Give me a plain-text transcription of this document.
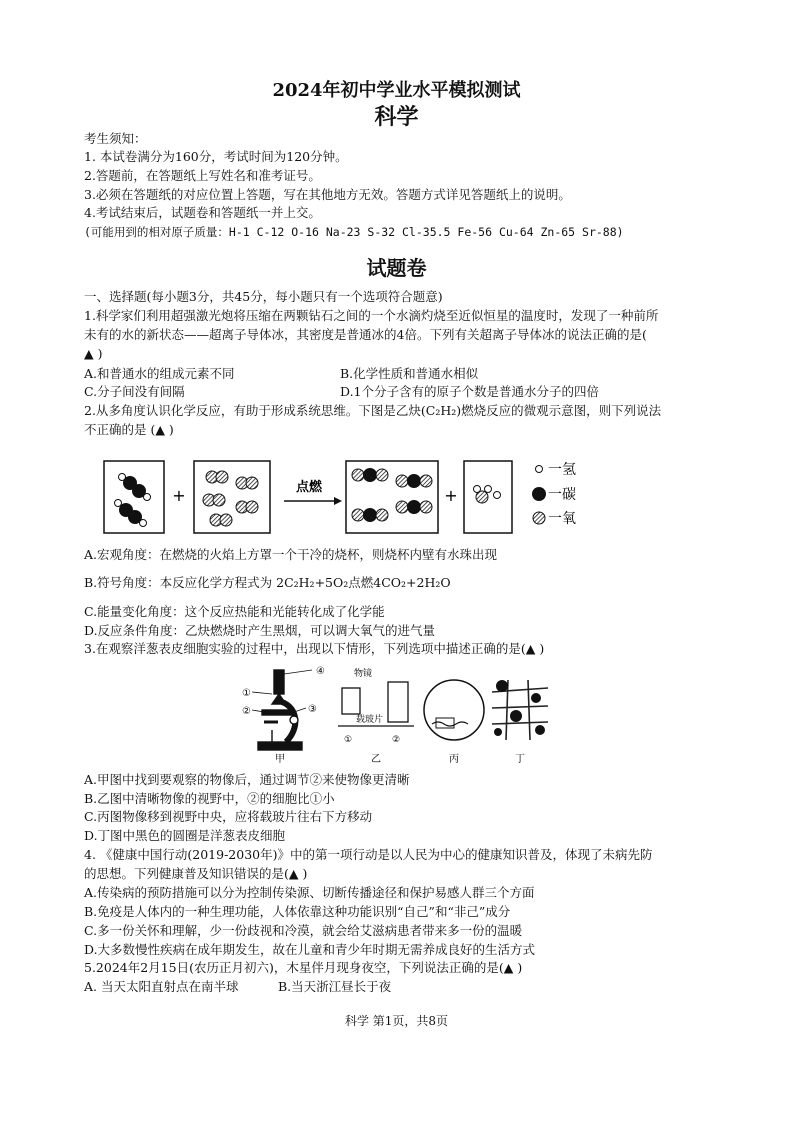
2024年初中学业水平模拟测试
科学
考生须知：
1. 本试卷满分为160分，考试时间为120分钟。
2.答题前，在答题纸上写姓名和准考证号。
3.必须在答题纸的对应位置上答题，写在其他地方无效。答题方式详见答题纸上的说明。
4.考试结束后，试题卷和答题纸一并上交。
(可能用到的相对原子质量：H-1 C-12 O-16 Na-23 S-32 Cl-35.5 Fe-56 Cu-64 Zn-65 Sr-88)
试题卷
一、选择题(每小题3分，共45分，每小题只有一个选项符合题意)
1.科学家们利用超强激光炮将压缩在两颗钻石之间的一个水滴灼烧至近似恒星的温度时，发现了一种前所
未有的水的新状态——超离子导体冰，其密度是普通冰的4倍。下列有关超离子导体冰的说法正确的是(
▲ )
A.和普通水的组成元素不同	B.化学性质和普通水相似
C.分子间没有间隔	D.1个分子含有的原子个数是普通水分子的四倍
2.从多角度认识化学反应，有助于形成系统思维。下图是乙炔(C₂H₂)燃烧反应的微观示意图，则下列说法
不正确的是 (▲ )
+	点燃	+
一氢
一碳
一氧
A.宏观角度：在燃烧的火焰上方罩一个干冷的烧杯，则烧杯内壁有水珠出现
B.符号角度：本反应化学方程式为 2C₂H₂+5O₂点燃4CO₂+2H₂O
C.能量变化角度：这个反应热能和光能转化成了化学能
D.反应条件角度：乙炔燃烧时产生黑烟，可以调大氧气的进气量
3.在观察洋葱表皮细胞实验的过程中，出现以下情形，下列选项中描述正确的是(▲ )
④
①
②	③
甲
物镜
载玻片
①	②
乙	丙	丁
A.甲图中找到要观察的物像后，通过调节②来使物像更清晰
B.乙图中清晰物像的视野中，②的细胞比①小
C.丙图物像移到视野中央，应将载玻片往右下方移动
D.丁图中黑色的圆圈是洋葱表皮细胞
4. 《健康中国行动(2019-2030年)》中的第一项行动是以人民为中心的健康知识普及，体现了未病先防
的思想。下列健康普及知识错误的是(▲ )
A.传染病的预防措施可以分为控制传染源、切断传播途径和保护易感人群三个方面
B.免疫是人体内的一种生理功能，人体依靠这种功能识别“自己”和“非己”成分
C.多一份关怀和理解，少一份歧视和冷漠，就会给艾滋病患者带来多一份的温暖
D.大多数慢性疾病在成年期发生，故在儿童和青少年时期无需养成良好的生活方式
5.2024年2月15日(农历正月初六)，木星伴月现身夜空，下列说法正确的是(▲ )
A. 当天太阳直射点在南半球	B.当天浙江昼长于夜
科学 第1页，共8页
